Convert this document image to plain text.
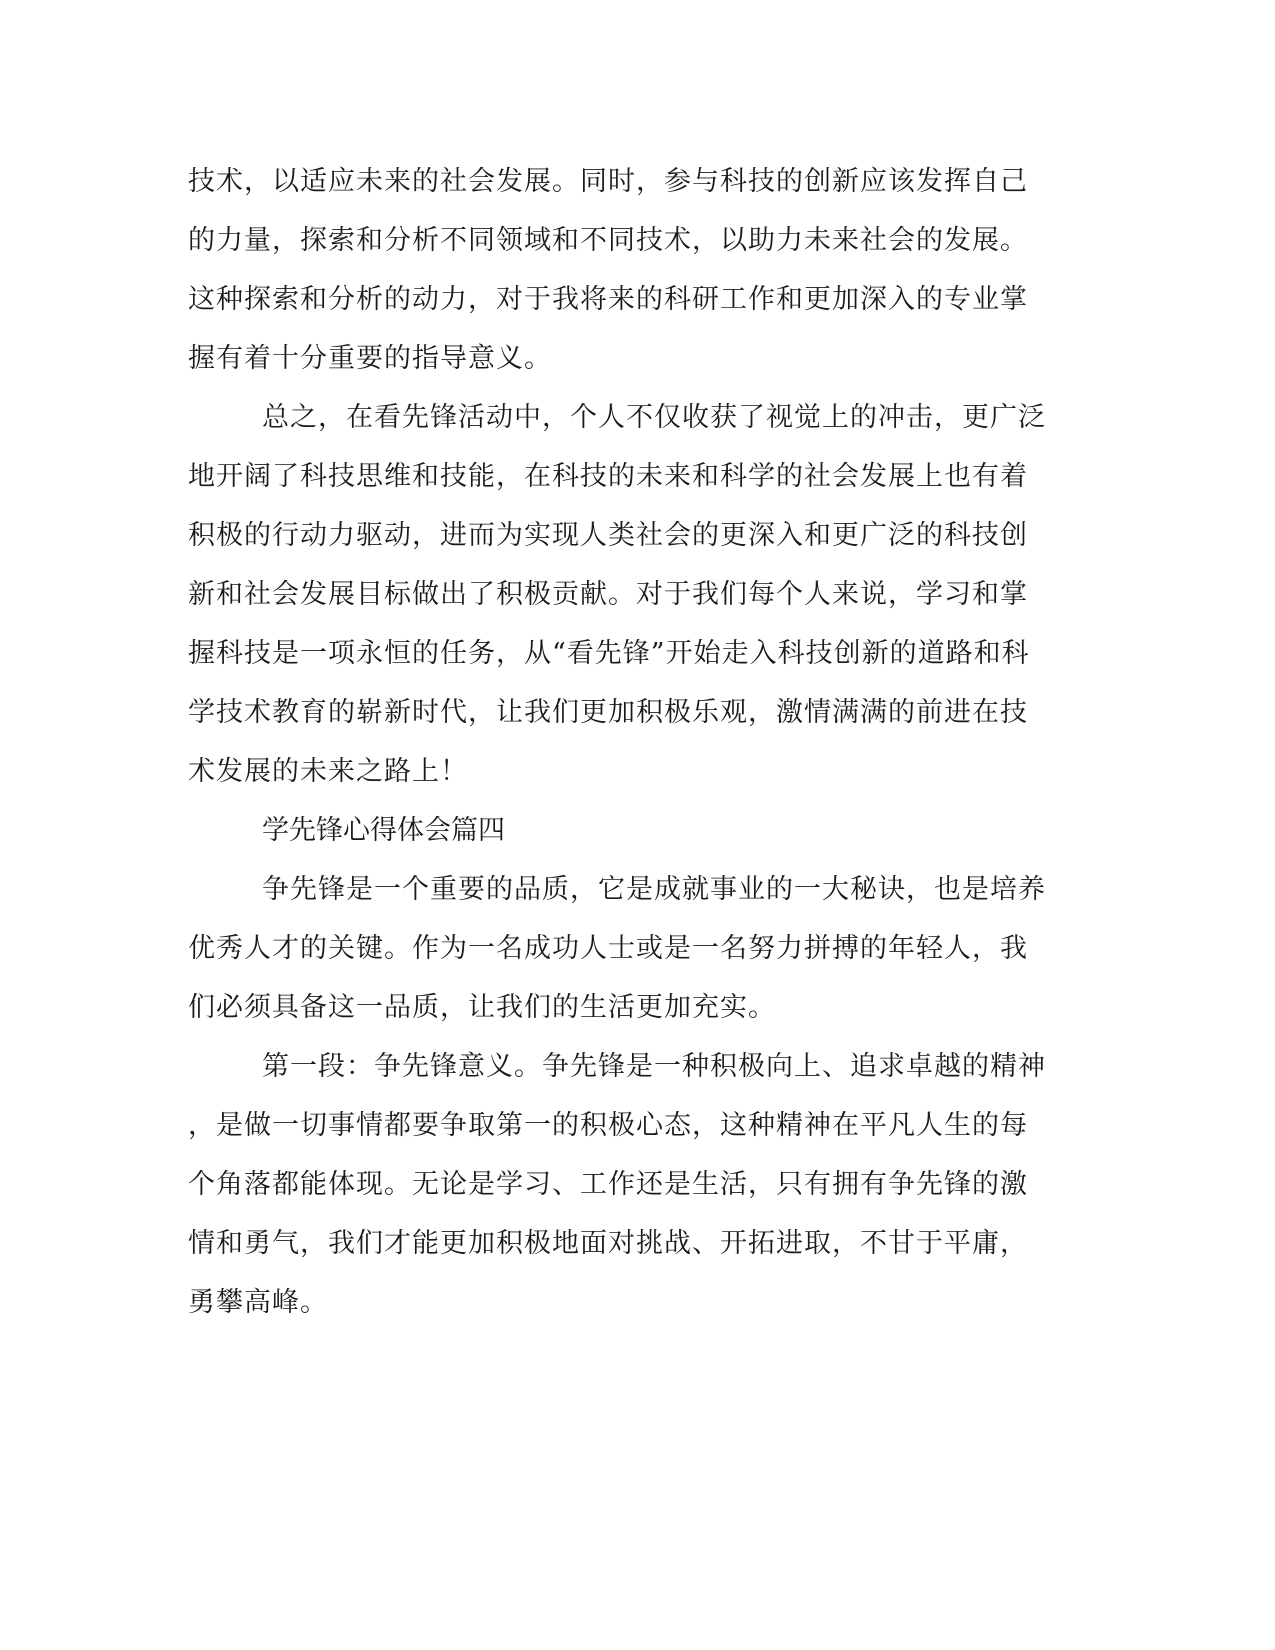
技术，以适应未来的社会发展。同时，参与科技的创新应该发挥自己
的力量，探索和分析不同领域和不同技术，以助力未来社会的发展。
这种探索和分析的动力，对于我将来的科研工作和更加深入的专业掌
握有着十分重要的指导意义。
总之，在看先锋活动中，个人不仅收获了视觉上的冲击，更广泛
地开阔了科技思维和技能，在科技的未来和科学的社会发展上也有着
积极的行动力驱动，进而为实现人类社会的更深入和更广泛的科技创
新和社会发展目标做出了积极贡献。对于我们每个人来说，学习和掌
握科技是一项永恒的任务，从“看先锋”开始走入科技创新的道路和科
学技术教育的崭新时代，让我们更加积极乐观，激情满满的前进在技
术发展的未来之路上！
学先锋心得体会篇四
争先锋是一个重要的品质，它是成就事业的一大秘诀，也是培养
优秀人才的关键。作为一名成功人士或是一名努力拼搏的年轻人，我
们必须具备这一品质，让我们的生活更加充实。
第一段：争先锋意义。争先锋是一种积极向上、追求卓越的精神
，是做一切事情都要争取第一的积极心态，这种精神在平凡人生的每
个角落都能体现。无论是学习、工作还是生活，只有拥有争先锋的激
情和勇气，我们才能更加积极地面对挑战、开拓进取，不甘于平庸，
勇攀高峰。
